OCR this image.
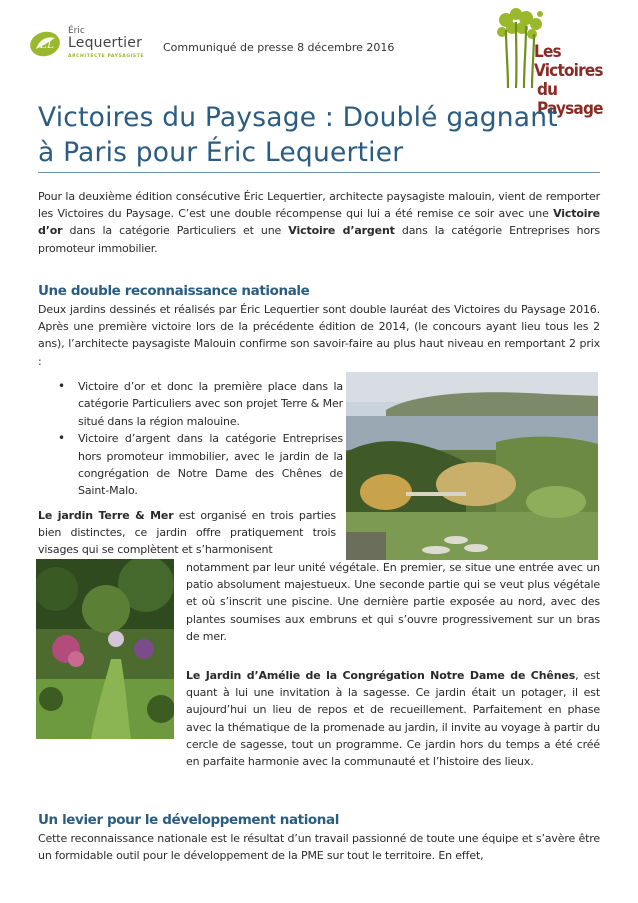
EL
Éric
Lequertier
ARCHITECTE PAYSAGISTE
Communiqué de presse 8 décembre 2016	Les Victoires
du Paysage
Victoires du Paysage : Doublé gagnant
à Paris pour Éric Lequertier
Pour la deuxième édition consécutive Éric Lequertier, architecte paysagiste malouin, vient de remporter les Victoires du Paysage. C’est une double récompense qui lui a été remise ce soir avec une Victoire d’or dans la catégorie Particuliers et une Victoire d’argent dans la catégorie Entreprises hors promoteur immobilier.
Une double reconnaissance nationale
Deux jardins dessinés et réalisés par Éric Lequertier sont double lauréat des Victoires du Paysage 2016. Après une première victoire lors de la précédente édition de 2014, (le concours ayant lieu tous les 2 ans), l’architecte paysagiste Malouin confirme son savoir-faire au plus haut niveau en remportant 2 prix :
• Victoire d’or et donc la première place dans la catégorie Particuliers avec son projet Terre & Mer situé dans la région malouine.
• Victoire d’argent dans la catégorie Entreprises hors promoteur immobilier, avec le jardin de la congrégation de Notre Dame des Chênes de Saint-Malo.
Le jardin Terre & Mer est organisé en trois parties bien distinctes, ce jardin offre pratiquement trois visages qui se complètent et s’harmonisent
notamment par leur unité végétale. En premier, se situe une entrée avec un patio absolument majestueux. Une seconde partie qui se veut plus végétale et où s’inscrit une piscine. Une dernière partie exposée au nord, avec des plantes soumises aux embruns et qui s’ouvre progressivement sur un bras de mer.
Le Jardin d’Amélie de la Congrégation Notre Dame de Chênes, est quant à lui une invitation à la sagesse. Ce jardin était un potager, il est aujourd’hui un lieu de repos et de recueillement. Parfaitement en phase avec la thématique de la promenade au jardin, il invite au voyage à partir du cercle de sagesse, tout un programme. Ce jardin hors du temps a été créé en parfaite harmonie avec la communauté et l’histoire des lieux.
Un levier pour le développement national
Cette reconnaissance nationale est le résultat d’un travail passionné de toute une équipe et s’avère être un formidable outil pour le développement de la PME sur tout le territoire. En effet,
